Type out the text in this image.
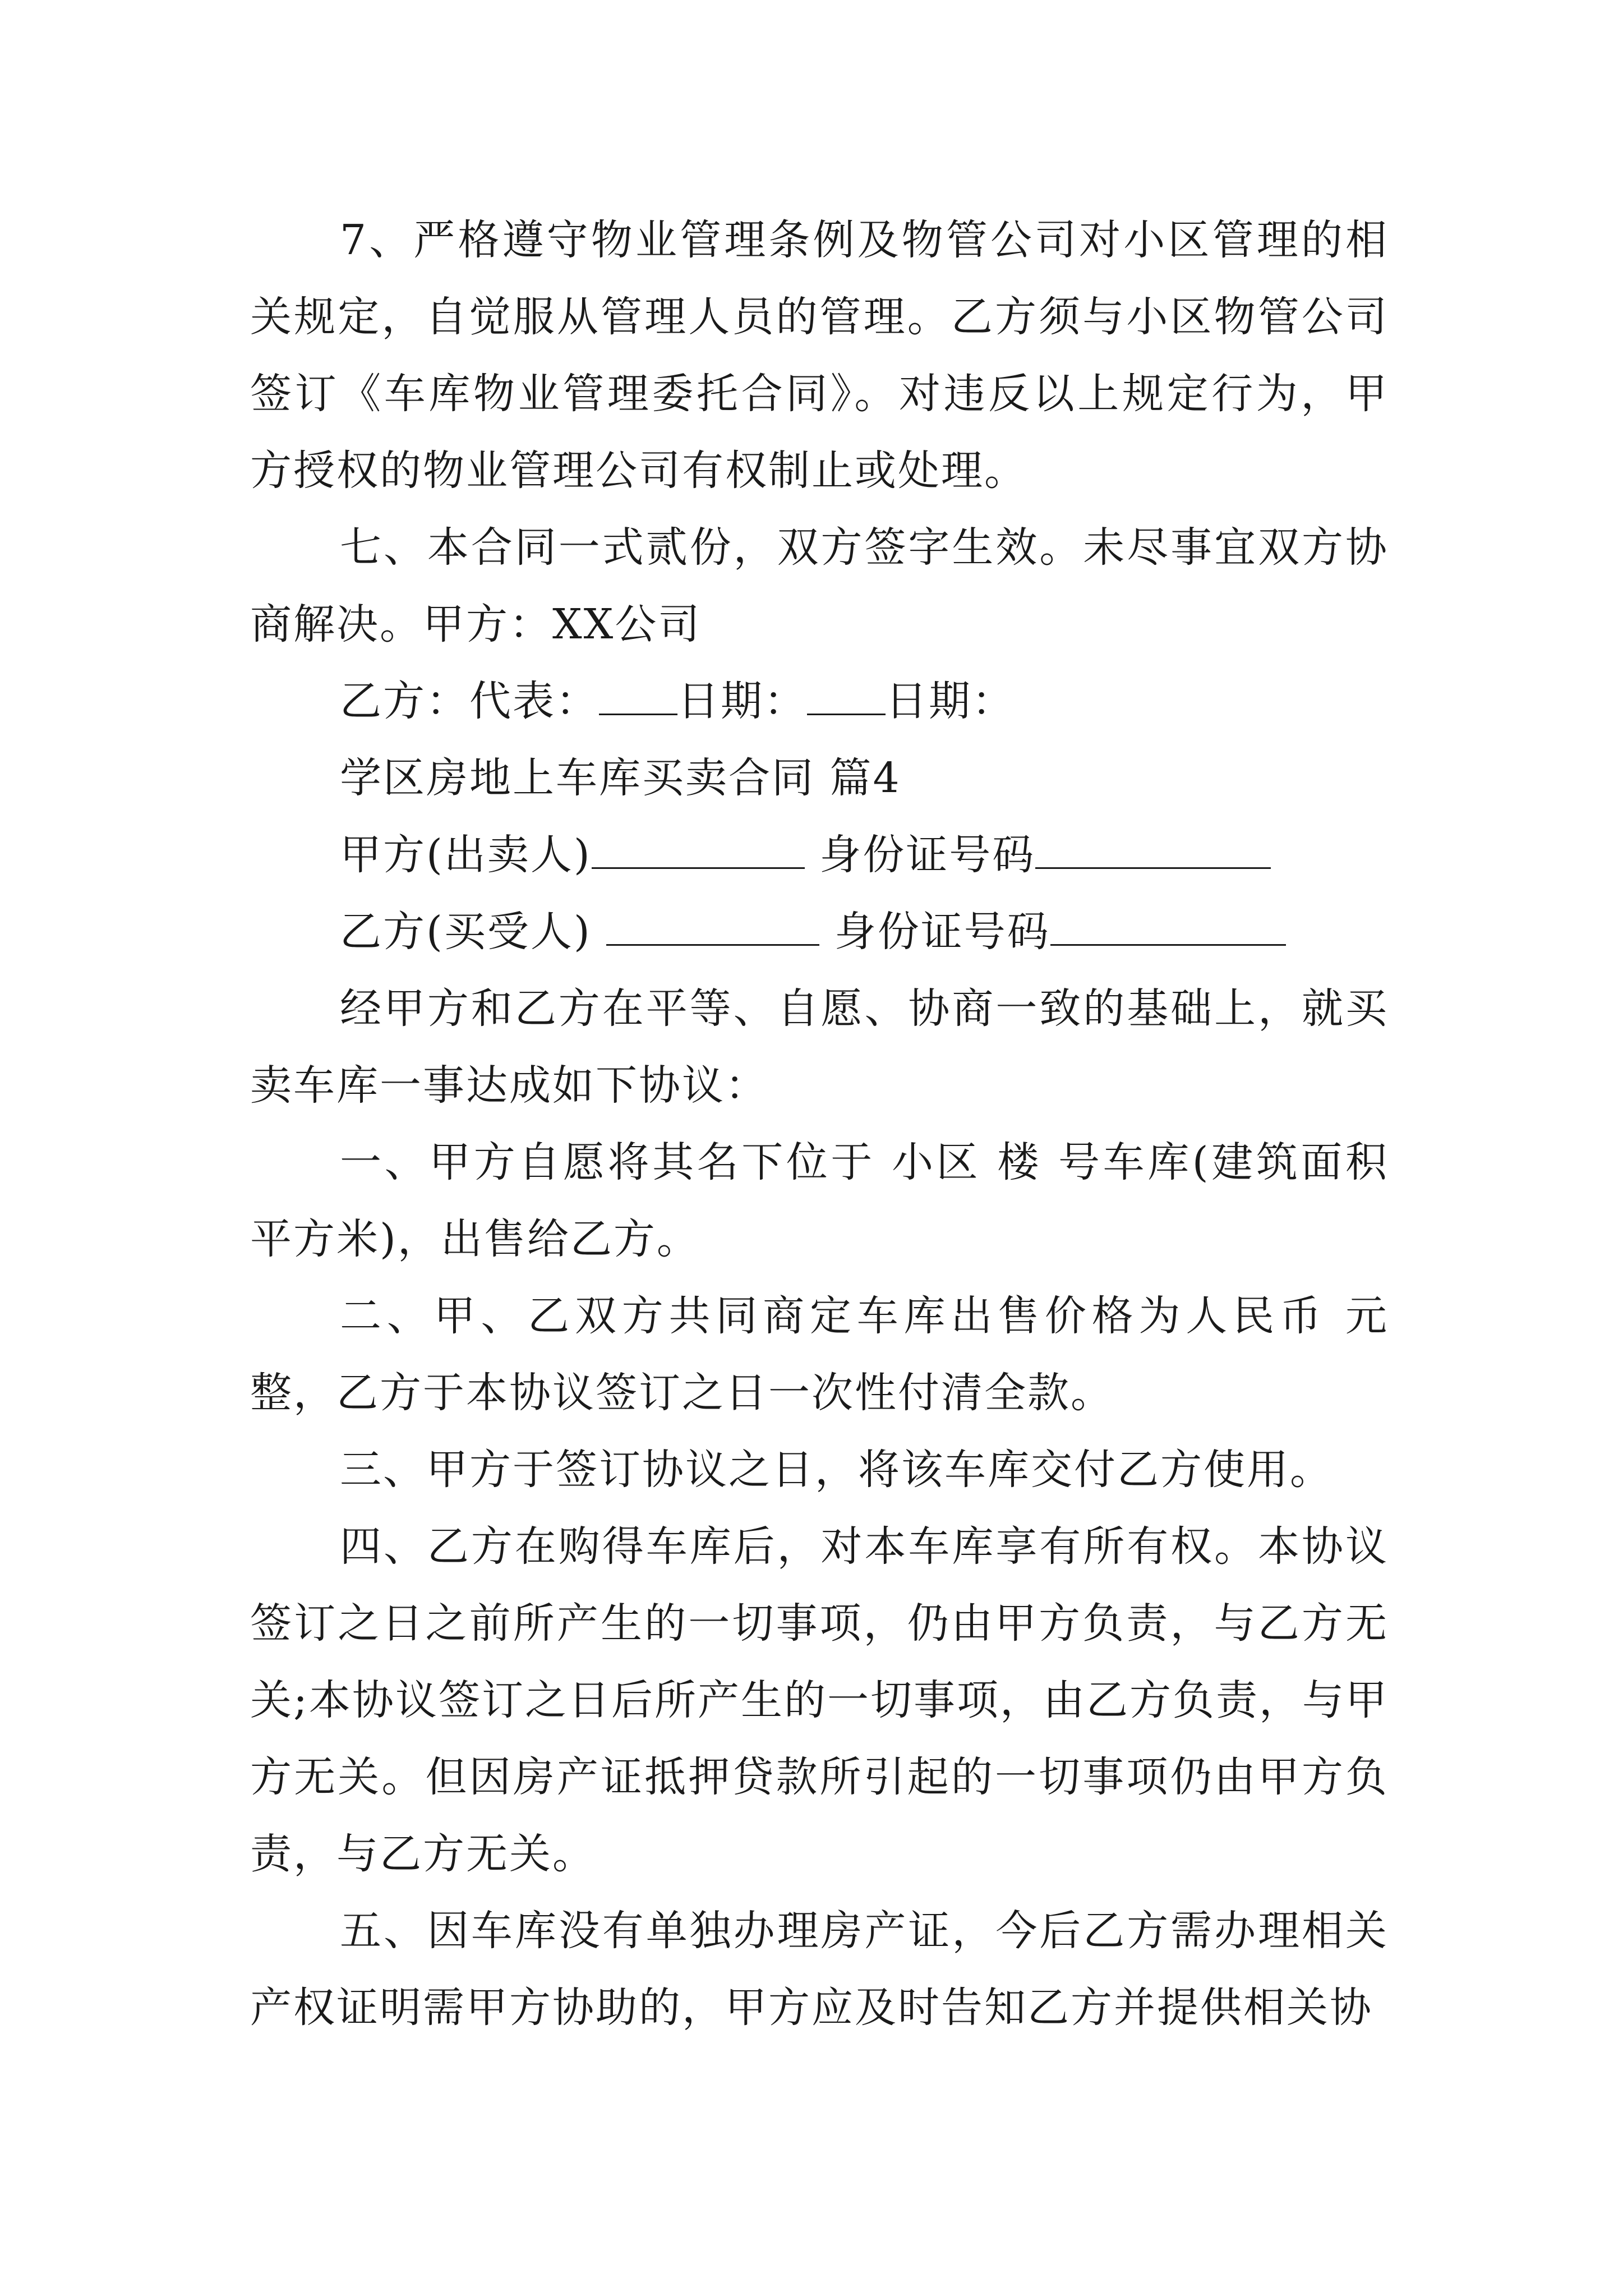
7、严格遵守物业管理条例及物管公司对小区管理的相关规定，自觉服从管理人员的管理。乙方须与小区物管公司签订《车库物业管理委托合同》。对违反以上规定行为，甲方授权的物业管理公司有权制止或处理。

七、本合同一式贰份，双方签字生效。未尽事宜双方协商解决。甲方：XX公司

乙方：代表： 日期： 日期：

学区房地上车库买卖合同 篇4

甲方(出卖人)	身份证号码

乙方(买受人)	身份证号码

经甲方和乙方在平等、自愿、协商一致的基础上，就买卖车库一事达成如下协议：

一、甲方自愿将其名下位于 小区 楼 号车库(建筑面积 平方米)，出售给乙方。

二、甲、乙双方共同商定车库出售价格为人民币 元整，乙方于本协议签订之日一次性付清全款。

三、甲方于签订协议之日，将该车库交付乙方使用。

四、乙方在购得车库后，对本车库享有所有权。本协议签订之日之前所产生的一切事项，仍由甲方负责，与乙方无关;本协议签订之日后所产生的一切事项，由乙方负责，与甲方无关。但因房产证抵押贷款所引起的一切事项仍由甲方负责，与乙方无关。

五、因车库没有单独办理房产证，今后乙方需办理相关产权证明需甲方协助的，甲方应及时告知乙方并提供相关协
